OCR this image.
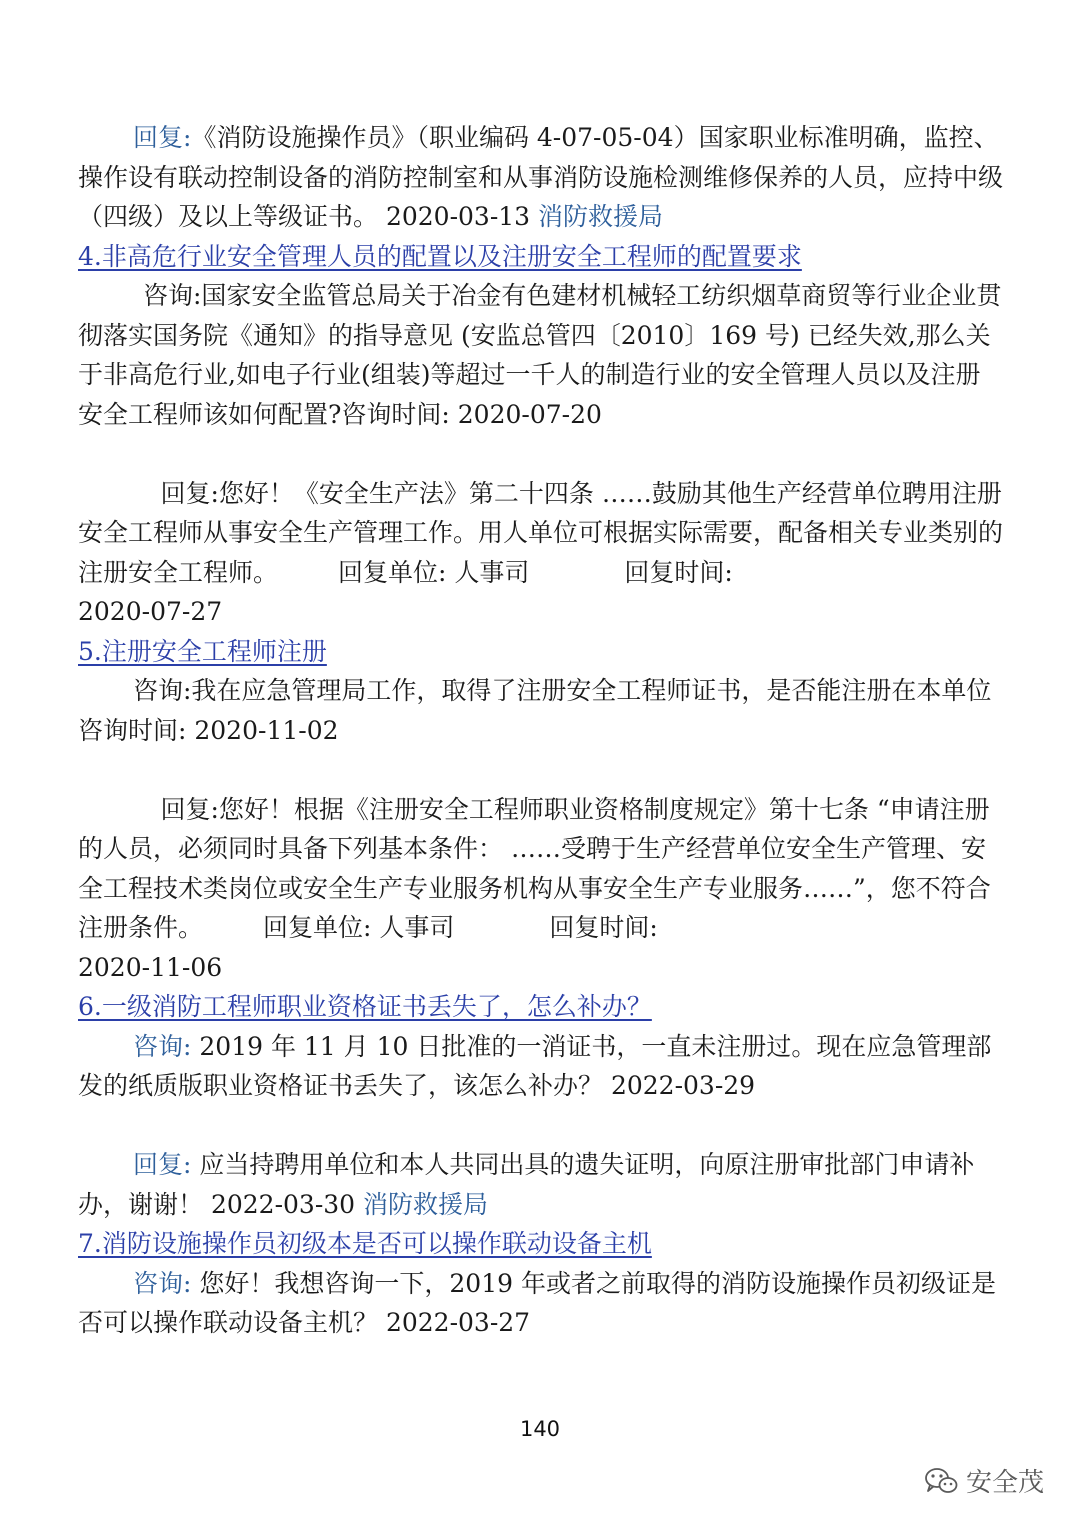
回复:《消防设施操作员》（职业编码 4-07-05-04）国家职业标准明确，监控、操作设有联动控制设备的消防控制室和从事消防设施检测维修保养的人员，应持中级（四级）及以上等级证书。 2020-03-13 消防救援局

4.非高危行业安全管理人员的配置以及注册安全工程师的配置要求

咨询:国家安全监管总局关于冶金有色建材机械轻工纺织烟草商贸等行业企业贯彻落实国务院《通知》的指导意见 (安监总管四〔2010〕169 号) 已经失效,那么关于非高危行业,如电子行业(组装)等超过一千人的制造行业的安全管理人员以及注册安全工程师该如何配置?咨询时间: 2020-07-20

回复:您好！《安全生产法》第二十四条 ……鼓励其他生产经营单位聘用注册安全工程师从事安全生产管理工作。用人单位可根据实际需要，配备相关专业类别的注册安全工程师。 回复单位: 人事司	回复时间:

2020-07-27

5.注册安全工程师注册

咨询:我在应急管理局工作，取得了注册安全工程师证书，是否能注册在本单位咨询时间: 2020-11-02

回复:您好！根据《注册安全工程师职业资格制度规定》第十七条 “申请注册的人员，必须同时具备下列基本条件： ……受聘于生产经营单位安全生产管理、安全工程技术类岗位或安全生产专业服务机构从事安全生产专业服务……”，您不符合注册条件。 回复单位: 人事司	回复时间:

2020-11-06

6.一级消防工程师职业资格证书丢失了，怎么补办？

咨询: 2019 年 11 月 10 日批准的一消证书，一直未注册过。现在应急管理部发的纸质版职业资格证书丢失了，该怎么补办？ 2022-03-29

回复: 应当持聘用单位和本人共同出具的遗失证明，向原注册审批部门申请补办，谢谢！ 2022-03-30 消防救援局

7.消防设施操作员初级本是否可以操作联动设备主机

咨询: 您好！我想咨询一下，2019 年或者之前取得的消防设施操作员初级证是否可以操作联动设备主机？ 2022-03-27

140
安全茂
